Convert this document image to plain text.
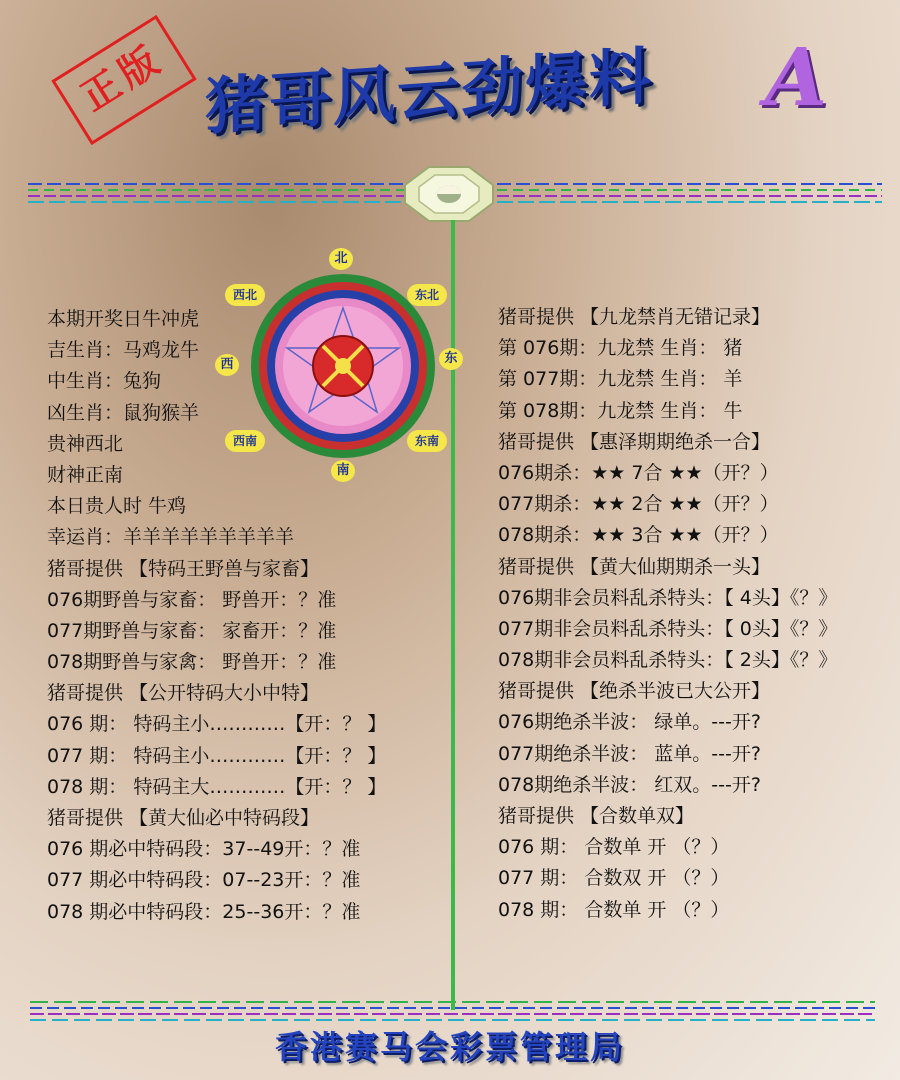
正版 猪哥风云劲爆料	A
北
东北
东
东南
南
西南
西
西北
本期开奖日牛冲虎
吉生肖：马鸡龙牛
中生肖：兔狗
凶生肖：鼠狗猴羊
贵神西北
财神正南
本日贵人时 牛鸡
幸运肖：羊羊羊羊羊羊羊羊羊
猪哥提供 【特码王野兽与家畜】
076期野兽与家畜： 野兽开：？准
077期野兽与家畜： 家畜开：？准
078期野兽与家禽： 野兽开：？准
猪哥提供 【公开特码大小中特】
076 期： 特码主小…………【开：？ 】
077 期： 特码主小…………【开：？ 】
078 期： 特码主大…………【开：？ 】
猪哥提供 【黄大仙必中特码段】
076 期必中特码段：37--49开：？准
077 期必中特码段：07--23开：？准
078 期必中特码段：25--36开：？准
猪哥提供 【九龙禁肖无错记录】
第 076期：九龙禁 生肖： 猪
第 077期：九龙禁 生肖： 羊
第 078期：九龙禁 生肖： 牛
猪哥提供 【惠泽期期绝杀一合】
076期杀：★★ 7合 ★★（开？）
077期杀：★★ 2合 ★★（开？）
078期杀：★★ 3合 ★★（开？）
猪哥提供 【黄大仙期期杀一头】
076期非会员料乱杀特头：【 4头】《？》
077期非会员料乱杀特头：【 0头】《？》
078期非会员料乱杀特头：【 2头】《？》
猪哥提供 【绝杀半波已大公开】
076期绝杀半波： 绿单。---开?
077期绝杀半波： 蓝单。---开?
078期绝杀半波： 红双。---开?
猪哥提供 【合数单双】
076 期： 合数单 开 （？）
077 期： 合数双 开 （？）
078 期： 合数单 开 （？）
香港赛马会彩票管理局
